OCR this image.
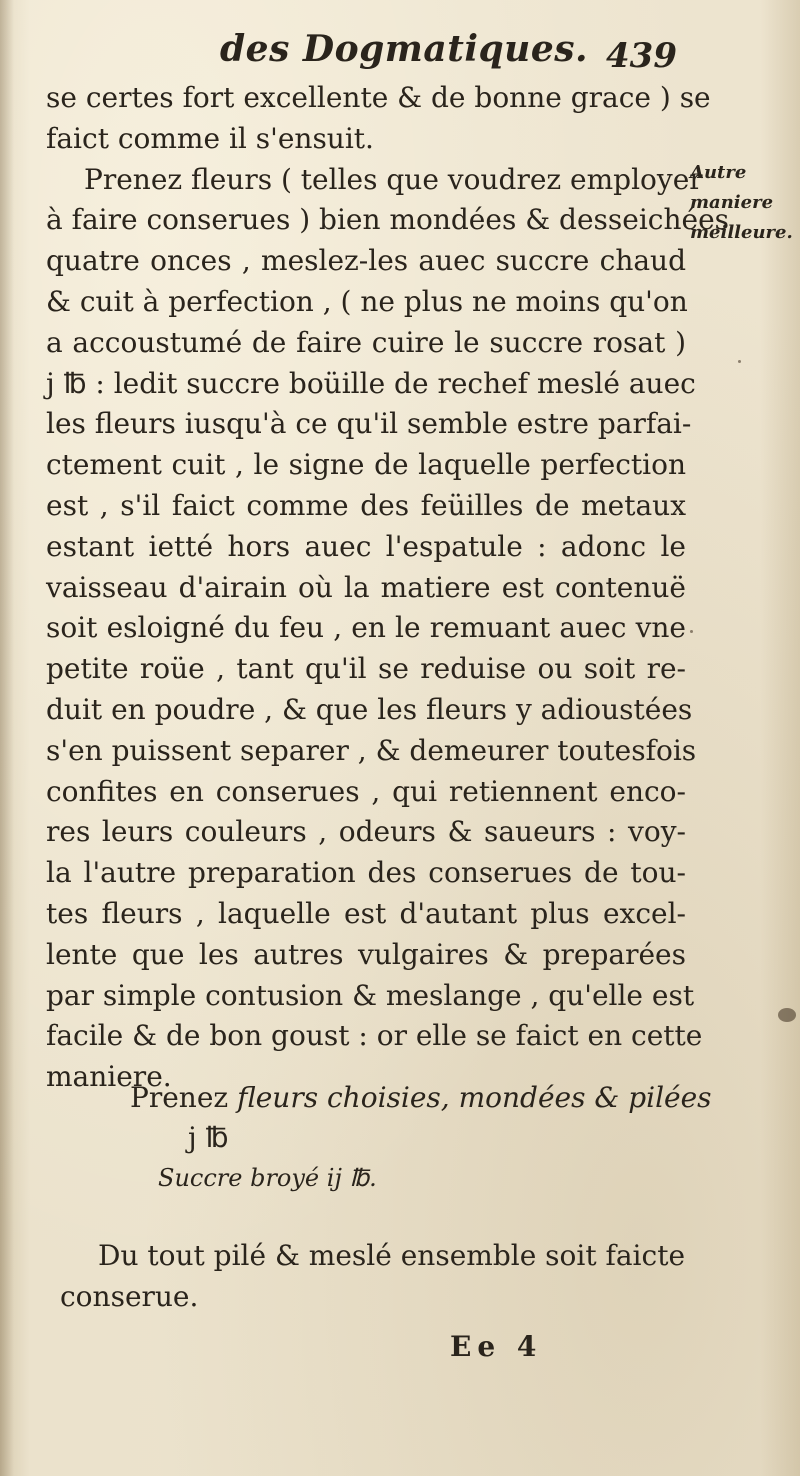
des Dogmatiques. 439
se certes fort excellente & de bonne grace ) se
faict comme il s'ensuit.
Prenez fleurs ( telles que voudrez employer
à faire conserues ) bien mondées & desseichées
quatre onces , meslez-les auec succre chaud
& cuit à perfection , ( ne plus ne moins qu'on
a accoustumé de faire cuire le succre rosat )
j ℔ : ledit succre boüille de rechef meslé auec
les fleurs iusqu'à ce qu'il semble estre parfai-
ctement cuit , le signe de laquelle perfection
est , s'il faict comme des feüilles de metaux
estant ietté hors auec l'espatule : adonc le
vaisseau d'airain où la matiere est contenuë
soit esloigné du feu , en le remuant auec vne
petite roüe , tant qu'il se reduise ou soit re-
duit en poudre , & que les fleurs y adioustées
s'en puissent separer , & demeurer toutesfois
confites en conserues , qui retiennent enco-
res leurs couleurs , odeurs & saueurs : voy-
la l'autre preparation des conserues de tou-
tes fleurs , laquelle est d'autant plus excel-
lente que les autres vulgaires & preparées
par simple contusion & meslange , qu'elle est
facile & de bon goust : or elle se faict en cette
maniere.
Autre
maniere
meilleure.
Prenez fleurs choisies, mondées & pilées
j ℔
Succre broyé ij ℔.
Du tout pilé & meslé ensemble soit faicte
conserue.
Ee 4
